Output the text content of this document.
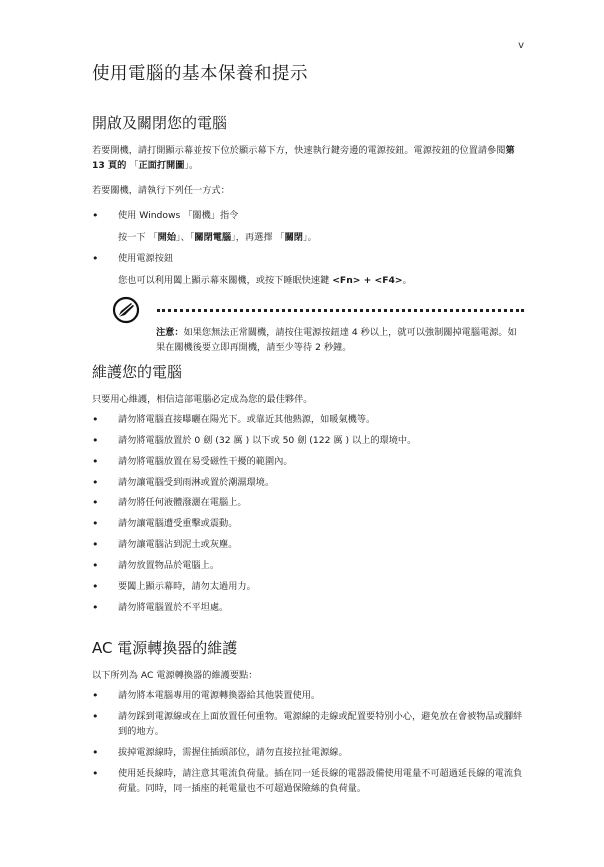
v
使用電腦的基本保養和提示
開啟及關閉您的電腦

若要開機，請打開顯示幕並按下位於顯示幕下方，快速執行鍵旁邊的電源按鈕。電源按鈕的位置請參閱第 13 頁的 「正面打開圖」。

若要關機，請執行下列任一方式：

• 使用 Windows 「關機」指令
按一下 「開始」、「關閉電腦」，再選擇 「關閉」。
• 使用電源按鈕
您也可以利用闔上顯示幕來關機，或按下睡眠快速鍵 <Fn> + <F4>。
注意：如果您無法正常關機，請按住電源按鈕達 4 秒以上，就可以強制關掉電腦電源。如果在關機後要立即再開機，請至少等待 2 秒鐘。
維護您的電腦

只要用心維護，相信這部電腦必定成為您的最佳夥伴。

• 請勿將電腦直接曝曬在陽光下。或靠近其他熱源，如暖氣機等。
• 請勿將電腦放置於 0 劍 (32 厲 ) 以下或 50 劍 (122 厲 ) 以上的環境中。
• 請勿將電腦放置在易受磁性干擾的範圍內。
• 請勿讓電腦受到雨淋或置於潮濕環境。
• 請勿將任何液體潑灑在電腦上。
• 請勿讓電腦遭受重擊或震動。
• 請勿讓電腦沾到泥土或灰塵。
• 請勿放置物品於電腦上。
• 要闔上顯示幕時，請勿太過用力。
• 請勿將電腦置於不平坦處。
AC 電源轉換器的維護

以下所列為 AC 電源轉換器的維護要點：

• 請勿將本電腦專用的電源轉換器給其他裝置使用。
• 請勿踩到電源線或在上面放置任何重物。電源線的走線或配置要特別小心，避免放在會被物品或腳絆到的地方。
• 拔掉電源線時，需握住插頭部位，請勿直接拉扯電源線。
• 使用延長線時，請注意其電流負荷量。插在同一延長線的電器設備使用電量不可超過延長線的電流負荷量。同時，同一插座的耗電量也不可超過保險絲的負荷量。
